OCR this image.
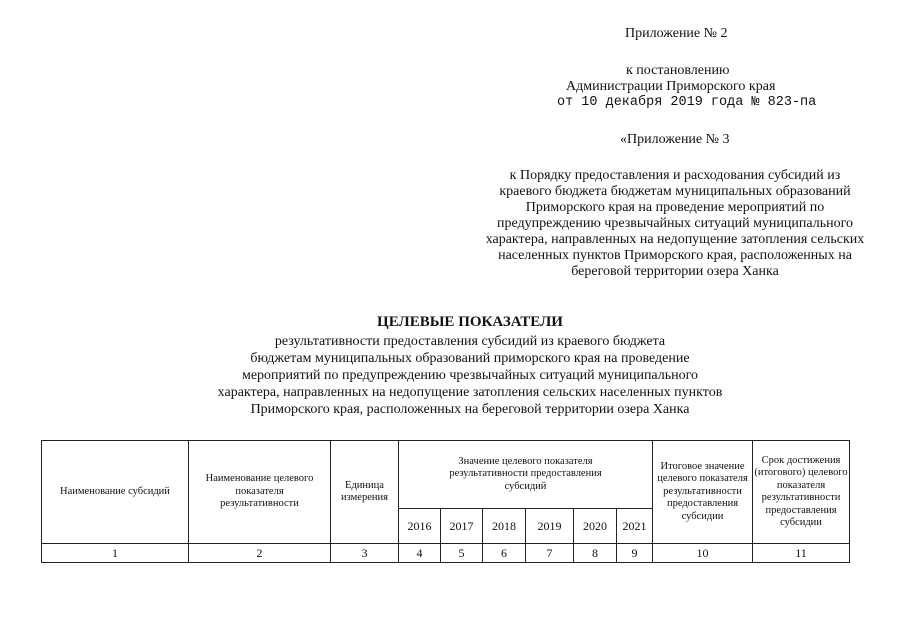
Приложение № 2
к постановлению
Администрации Приморского края
от 10 декабря 2019 года № 823-па
«Приложение № 3
к Порядку предоставления и расходования субсидий из
краевого бюджета бюджетам муниципальных образований
Приморского края на проведение мероприятий по
предупреждению чрезвычайных ситуаций муниципального
характера, направленных на недопущение затопления сельских
населенных пунктов Приморского края, расположенных на
береговой территории озера Ханка
ЦЕЛЕВЫЕ ПОКАЗАТЕЛИ
результативности предоставления субсидий из краевого бюджета
бюджетам муниципальных образований приморского края на проведение
мероприятий по предупреждению чрезвычайных ситуаций муниципального
характера, направленных на недопущение затопления сельских населенных пунктов
Приморского края, расположенных на береговой территории озера Ханка
Наименование субсидий	Наименование целевого показателя результативности	Единица измерения	Значение целевого показателя результативности предоставления субсидий						Итоговое значение целевого показателя результативности предоставления субсидии	Срок достижения (итогового) целевого показателя результативности предоставления субсидии
			2016	2017	2018	2019	2020	2021		
1	2	3	4	5	6	7	8	9	10	11
